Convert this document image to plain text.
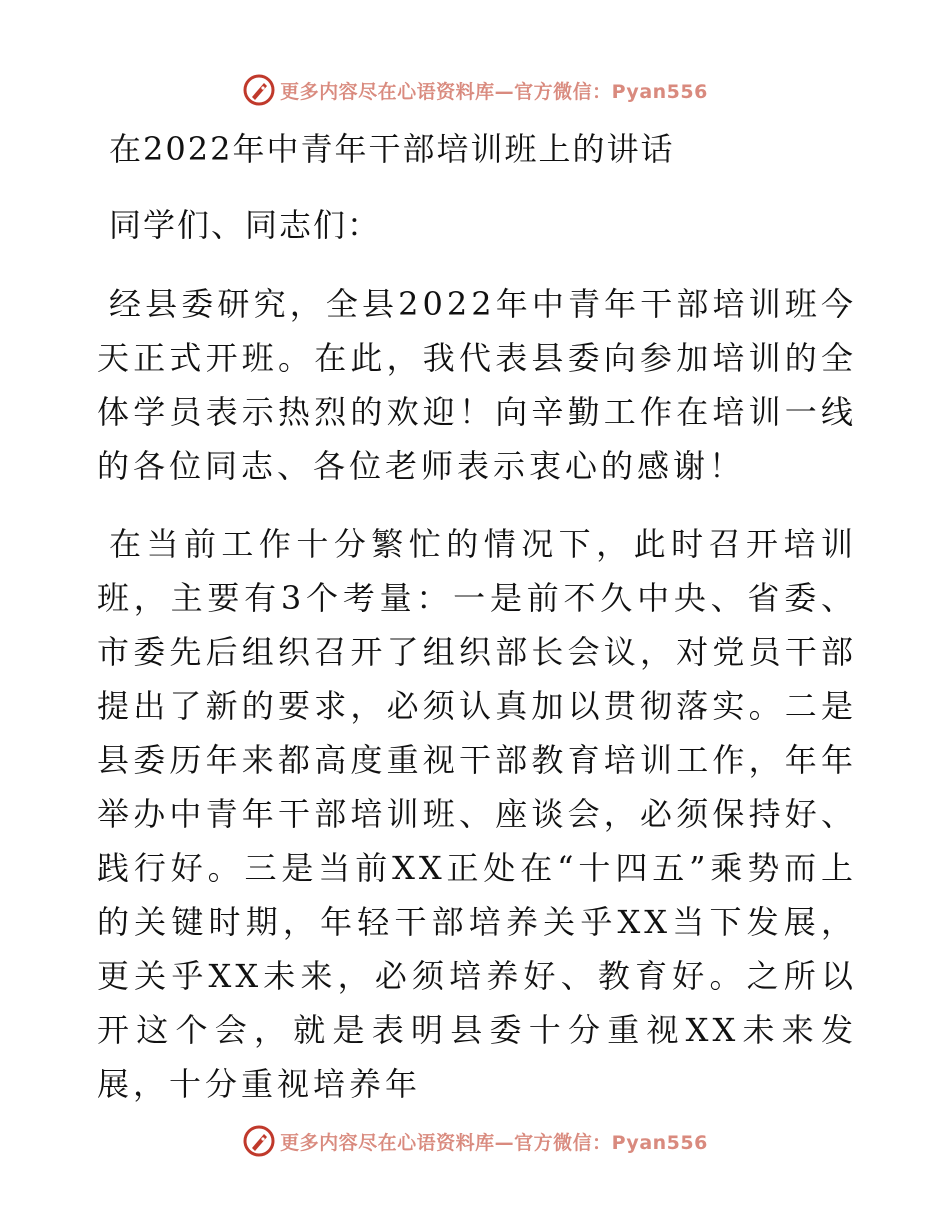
更多内容尽在心语资料库—官方微信：Pyan556
在2022年中青年干部培训班上的讲话
同学们、同志们：

经县委研究，全县2022年中青年干部培训班今天正式开班。在此，我代表县委向参加培训的全体学员表示热烈的欢迎！向辛勤工作在培训一线的各位同志、各位老师表示衷心的感谢！

在当前工作十分繁忙的情况下，此时召开培训班，主要有3个考量：一是前不久中央、省委、市委先后组织召开了组织部长会议，对党员干部提出了新的要求，必须认真加以贯彻落实。二是县委历年来都高度重视干部教育培训工作，年年举办中青年干部培训班、座谈会，必须保持好、践行好。三是当前XX正处在“十四五”乘势而上的关键时期，年轻干部培养关乎XX当下发展，更关乎XX未来，必须培养好、教育好。之所以开这个会，就是表明县委十分重视XX未来发展，十分重视培养年

更多内容尽在心语资料库—官方微信：Pyan556
